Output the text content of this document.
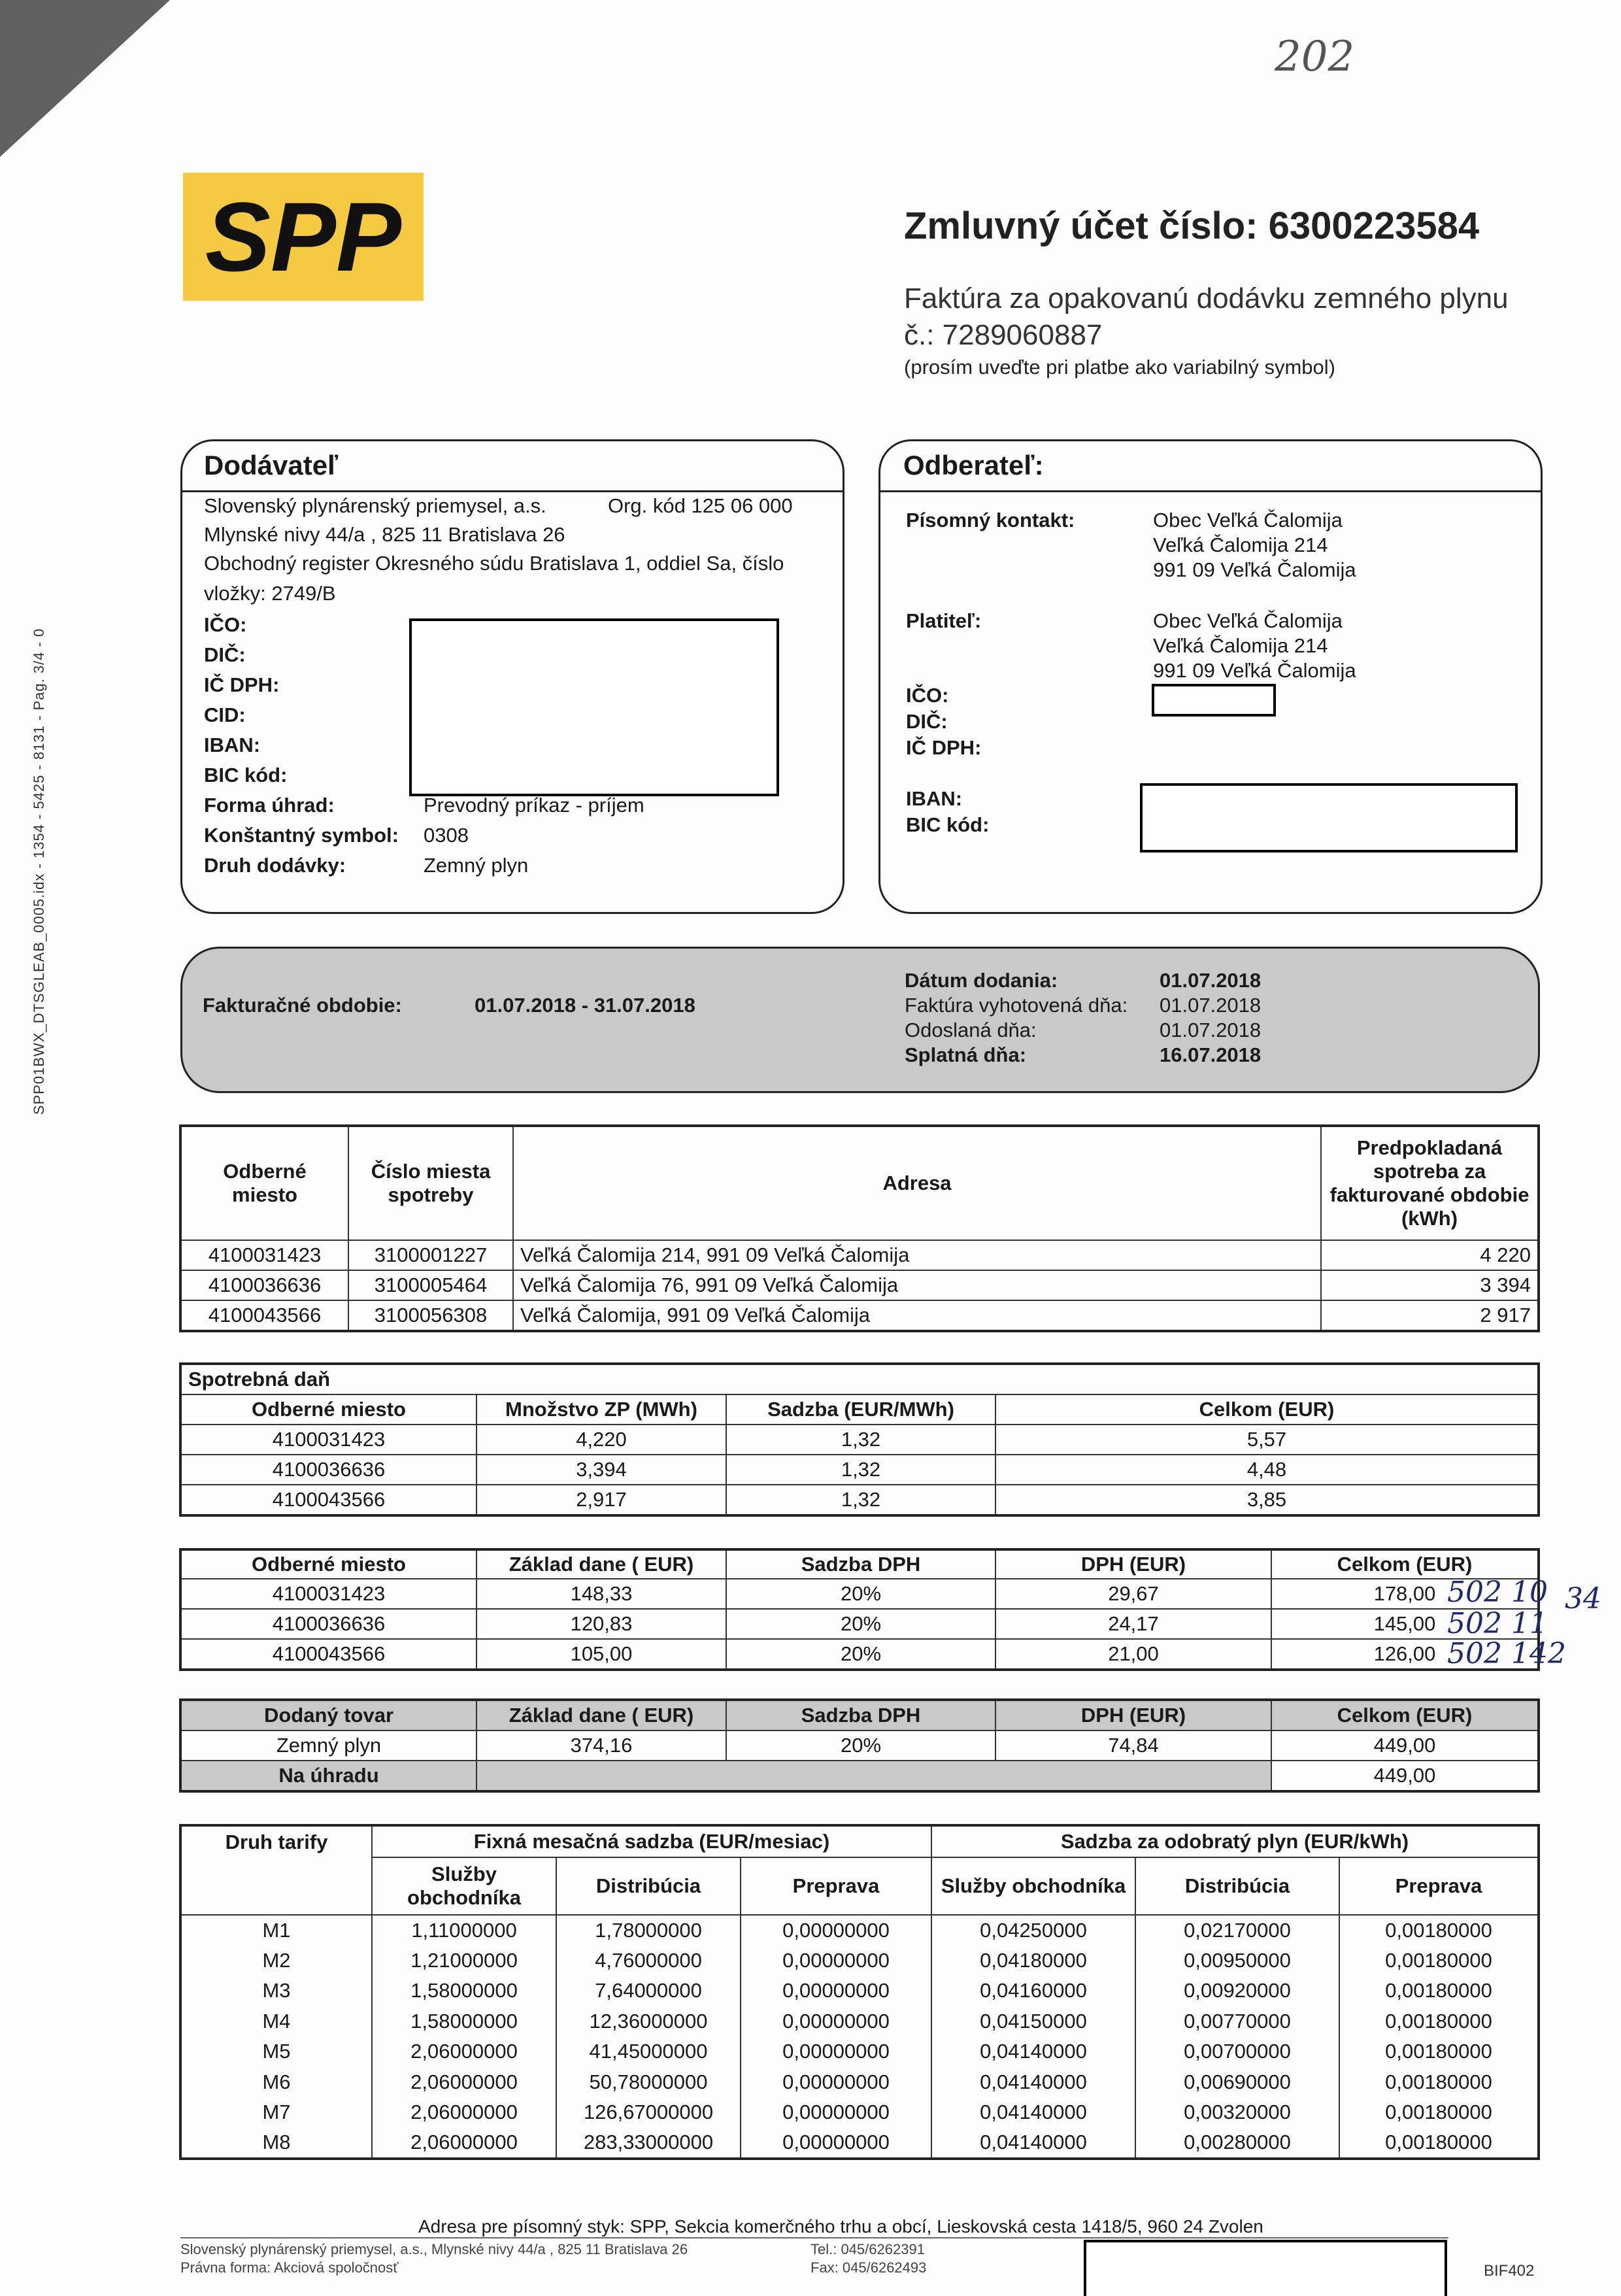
SPP01BWX_DTSGLEAB_0005.idx - 1354 - 5425 - 8131 - Pag. 3/4 - 0
202
SPP	Zmluvný účet číslo: 6300223584
Faktúra za opakovanú dodávku zemného plynu
č.: 7289060887
(prosím uveďte pri platbe ako variabilný symbol)
Dodávateľ
Slovenský plynárenský priemysel, a.s.	Org. kód 125 06 000
Mlynské nivy 44/a , 825 11 Bratislava 26
Obchodný register Okresného súdu Bratislava 1, oddiel Sa, číslo
vložky: 2749/B
IČO:
DIČ:
IČ DPH:
CID:
IBAN:
BIC kód:
Forma úhrad:	Prevodný príkaz - príjem
Konštantný symbol: 0308
Druh dodávky:	Zemný plyn
Odberateľ:
Písomný kontakt:	Obec Veľká Čalomija
Veľká Čalomija 214
991 09 Veľká Čalomija
Platiteľ:	Obec Veľká Čalomija
Veľká Čalomija 214
991 09 Veľká Čalomija
IČO:
DIČ:
IČ DPH:
IBAN:
BIC kód:
Fakturačné obdobie:	01.07.2018 - 31.07.2018
Dátum dodania:	01.07.2018
Faktúra vyhotovená dňa: 01.07.2018
Odoslaná dňa:	01.07.2018
Splatná dňa:	16.07.2018
Odberné miesto	Číslo miesta spotreby	Adresa	Predpokladaná spotreba za fakturované obdobie (kWh)
4100031423	3100001227	Veľká Čalomija 214, 991 09 Veľká Čalomija	4 220
4100036636	3100005464	Veľká Čalomija 76, 991 09 Veľká Čalomija	3 394
4100043566	3100056308	Veľká Čalomija, 991 09 Veľká Čalomija	2 917
Spotrebná daň			
Odberné miesto	Množstvo ZP (MWh)	Sadzba (EUR/MWh)	Celkom (EUR)
4100031423	4,220	1,32	5,57
4100036636	3,394	1,32	4,48
4100043566	2,917	1,32	3,85
Odberné miesto	Základ dane ( EUR)	Sadzba DPH	DPH (EUR)	Celkom (EUR)
4100031423	148,33	20%	29,67	178,00
4100036636	120,83	20%	24,17	145,00
4100043566	105,00	20%	21,00	126,00
502 10
502 11
502 142
34
Dodaný tovar	Základ dane ( EUR)	Sadzba DPH	DPH (EUR)	Celkom (EUR)
Zemný plyn	374,16	20%	74,84	449,00
Na úhradu				449,00
Druh tarify	Fixná mesačná sadzba (EUR/mesiac)			Sadzba za odobratý plyn (EUR/kWh)		
	Služby obchodníka	Distribúcia	Preprava	Služby obchodníka	Distribúcia	Preprava
M1	1,11000000	1,78000000	0,00000000	0,04250000	0,02170000	0,00180000
M2	1,21000000	4,76000000	0,00000000	0,04180000	0,00950000	0,00180000
M3	1,58000000	7,64000000	0,00000000	0,04160000	0,00920000	0,00180000
M4	1,58000000	12,36000000	0,00000000	0,04150000	0,00770000	0,00180000
M5	2,06000000	41,45000000	0,00000000	0,04140000	0,00700000	0,00180000
M6	2,06000000	50,78000000	0,00000000	0,04140000	0,00690000	0,00180000
M7	2,06000000	126,67000000	0,00000000	0,04140000	0,00320000	0,00180000
M8	2,06000000	283,33000000	0,00000000	0,04140000	0,00280000	0,00180000
Adresa pre písomný styk: SPP, Sekcia komerčného trhu a obcí, Lieskovská cesta 1418/5, 960 24 Zvolen
Slovenský plynárenský priemysel, a.s., Mlynské nivy 44/a , 825 11 Bratislava 26
Právna forma: Akciová spoločnosť
Tel.: 045/6262391
Fax: 045/6262493	BIF402
